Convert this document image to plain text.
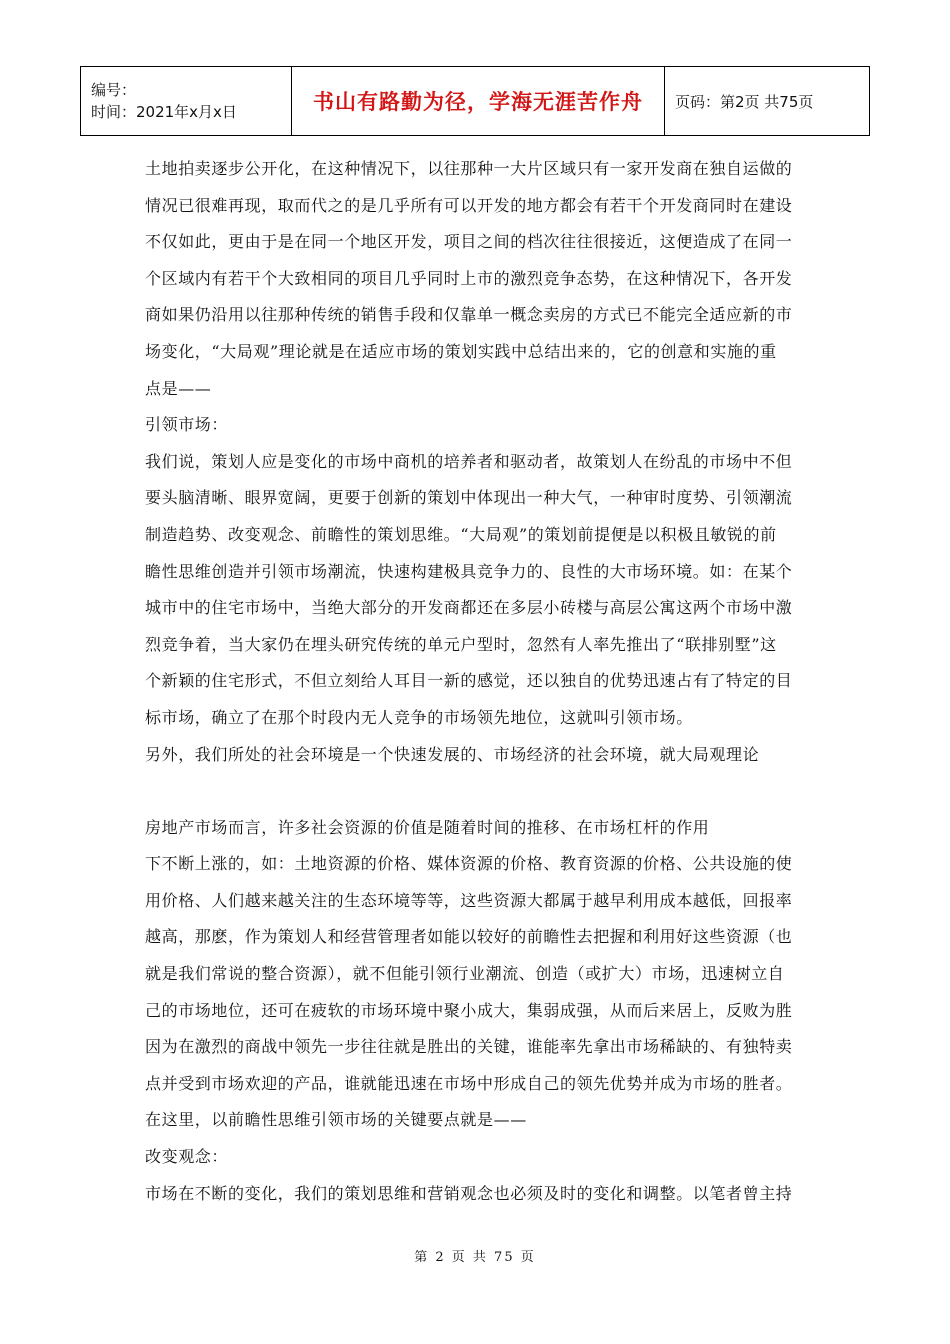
编号：
时间：2021年x月x日	书山有路勤为径，学海无涯苦作舟	页码：第2页 共75页

土地拍卖逐步公开化，在这种情况下，以往那种一大片区域只有一家开发商在独自运做的

情况已很难再现，取而代之的是几乎所有可以开发的地方都会有若干个开发商同时在建设

不仅如此，更由于是在同一个地区开发，项目之间的档次往往很接近，这便造成了在同一

个区域内有若干个大致相同的项目几乎同时上市的激烈竞争态势，在这种情况下，各开发

商如果仍沿用以往那种传统的销售手段和仅靠单一概念卖房的方式已不能完全适应新的市

场变化，“大局观”理论就是在适应市场的策划实践中总结出来的，它的创意和实施的重

点是——

引领市场：

我们说，策划人应是变化的市场中商机的培养者和驱动者，故策划人在纷乱的市场中不但

要头脑清晰、眼界宽阔，更要于创新的策划中体现出一种大气，一种审时度势、引领潮流

制造趋势、改变观念、前瞻性的策划思维。“大局观”的策划前提便是以积极且敏锐的前

瞻性思维创造并引领市场潮流，快速构建极具竞争力的、良性的大市场环境。如：在某个

城市中的住宅市场中，当绝大部分的开发商都还在多层小砖楼与高层公寓这两个市场中激

烈竞争着，当大家仍在埋头研究传统的单元户型时，忽然有人率先推出了“联排别墅”这

个新颖的住宅形式，不但立刻给人耳目一新的感觉，还以独自的优势迅速占有了特定的目

标市场，确立了在那个时段内无人竞争的市场领先地位，这就叫引领市场。

另外，我们所处的社会环境是一个快速发展的、市场经济的社会环境，就大局观理论

房地产市场而言，许多社会资源的价值是随着时间的推移、在市场杠杆的作用

下不断上涨的，如：土地资源的价格、媒体资源的价格、教育资源的价格、公共设施的使

用价格、人们越来越关注的生态环境等等，这些资源大都属于越早利用成本越低，回报率

越高，那麽，作为策划人和经营管理者如能以较好的前瞻性去把握和利用好这些资源（也

就是我们常说的整合资源），就不但能引领行业潮流、创造（或扩大）市场，迅速树立自

己的市场地位，还可在疲软的市场环境中聚小成大，集弱成强，从而后来居上，反败为胜

因为在激烈的商战中领先一步往往就是胜出的关键，谁能率先拿出市场稀缺的、有独特卖

点并受到市场欢迎的产品，谁就能迅速在市场中形成自己的领先优势并成为市场的胜者。

在这里，以前瞻性思维引领市场的关键要点就是——

改变观念：

市场在不断的变化，我们的策划思维和营销观念也必须及时的变化和调整。以笔者曾主持

第 2 页 共 75 页
